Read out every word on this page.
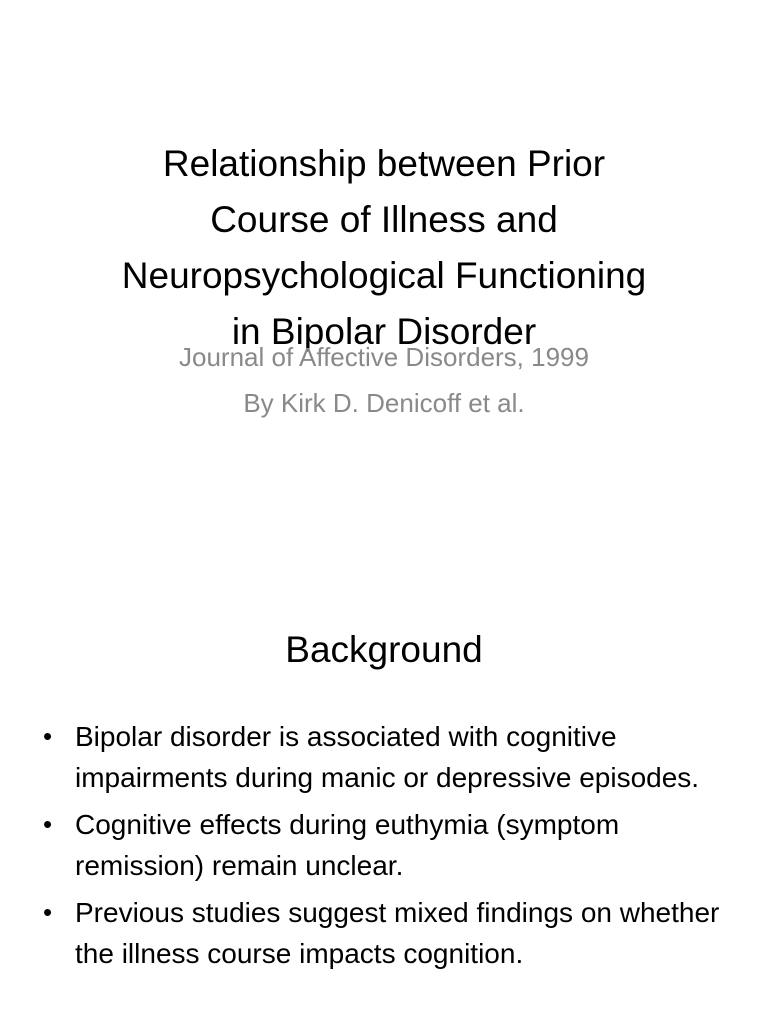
Relationship between Prior
Course of Illness and
Neuropsychological Functioning
in Bipolar Disorder
Journal of Affective Disorders, 1999
By Kirk D. Denicoff et al.
Background
• Bipolar disorder is associated with cognitive impairments during manic or depressive episodes.
• Cognitive effects during euthymia (symptom remission) remain unclear.
• Previous studies suggest mixed findings on whether the illness course impacts cognition.
